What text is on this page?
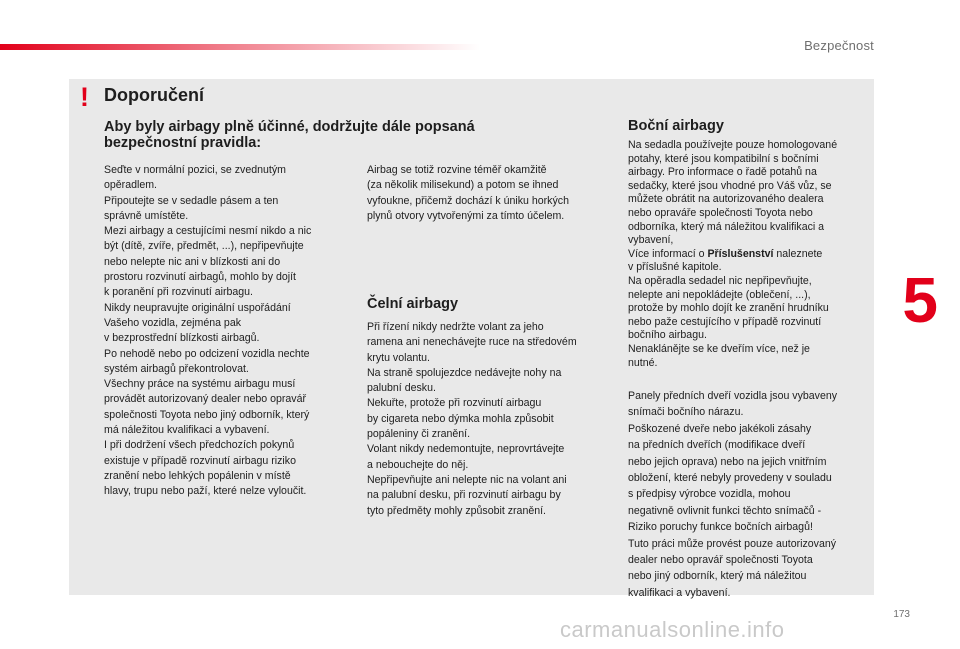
Bezpečnost
5
! Doporučení
Aby byly airbagy plně účinné, dodržujte dále popsaná bezpečnostní pravidla:

Seďte v normální pozici, se zvednutým
opěradlem.
Připoutejte se v sedadle pásem a ten
správně umístěte.
Mezi airbagy a cestujícími nesmí nikdo a nic
být (dítě, zvíře, předmět, ...), nepřipevňujte
nebo nelepte nic ani v blízkosti ani do
prostoru rozvinutí airbagů, mohlo by dojít
k poranění při rozvinutí airbagu.
Nikdy neupravujte originální uspořádání
Vašeho vozidla, zejména pak
v bezprostřední blízkosti airbagů.
Po nehodě nebo po odcizení vozidla nechte
systém airbagů překontrolovat.
Všechny práce na systému airbagu musí
provádět autorizovaný dealer nebo opravář
společnosti Toyota nebo jiný odborník, který
má náležitou kvalifikaci a vybavení.
I při dodržení všech předchozích pokynů
existuje v případě rozvinutí airbagu riziko
zranění nebo lehkých popálenin v místě
hlavy, trupu nebo paží, které nelze vyloučit.

Airbag se totiž rozvine téměř okamžitě
(za několik milisekund) a potom se ihned
vyfoukne, přičemž dochází k úniku horkých
plynů otvory vytvořenými za tímto účelem.

Čelní airbagy

Při řízení nikdy nedržte volant za jeho
ramena ani nenechávejte ruce na středovém
krytu volantu.
Na straně spolujezdce nedávejte nohy na
palubní desku.
Nekuřte, protože při rozvinutí airbagu
by cigareta nebo dýmka mohla způsobit
popáleniny či zranění.
Volant nikdy nedemontujte, neprovrtávejte
a nebouchejte do něj.
Nepřipevňujte ani nelepte nic na volant ani
na palubní desku, při rozvinutí airbagu by
tyto předměty mohly způsobit zranění.

Boční airbagy

Na sedadla používejte pouze homologované
potahy, které jsou kompatibilní s bočními
airbagy. Pro informace o řadě potahů na
sedačky, které jsou vhodné pro Váš vůz, se
můžete obrátit na autorizovaného dealera
nebo opraváře společnosti Toyota nebo
odborníka, který má náležitou kvalifikaci a
vybavení,
Více informací o Příslušenství naleznete
v příslušné kapitole.
Na opěradla sedadel nic nepřipevňujte,
nelepte ani nepokládejte (oblečení, ...),
protože by mohlo dojít ke zranění hrudníku
nebo paže cestujícího v případě rozvinutí
bočního airbagu.
Nenaklánějte se ke dveřím více, než je
nutné.

Panely předních dveří vozidla jsou vybaveny
snímači bočního nárazu.
Poškozené dveře nebo jakékoli zásahy
na předních dveřích (modifikace dveří
nebo jejich oprava) nebo na jejich vnitřním
obložení, které nebyly provedeny v souladu
s předpisy výrobce vozidla, mohou
negativně ovlivnit funkci těchto snímačů -
Riziko poruchy funkce bočních airbagů!
Tuto práci může provést pouze autorizovaný
dealer nebo opravář společnosti Toyota
nebo jiný odborník, který má náležitou
kvalifikaci a vybavení.

173
carmanualsonline.info
